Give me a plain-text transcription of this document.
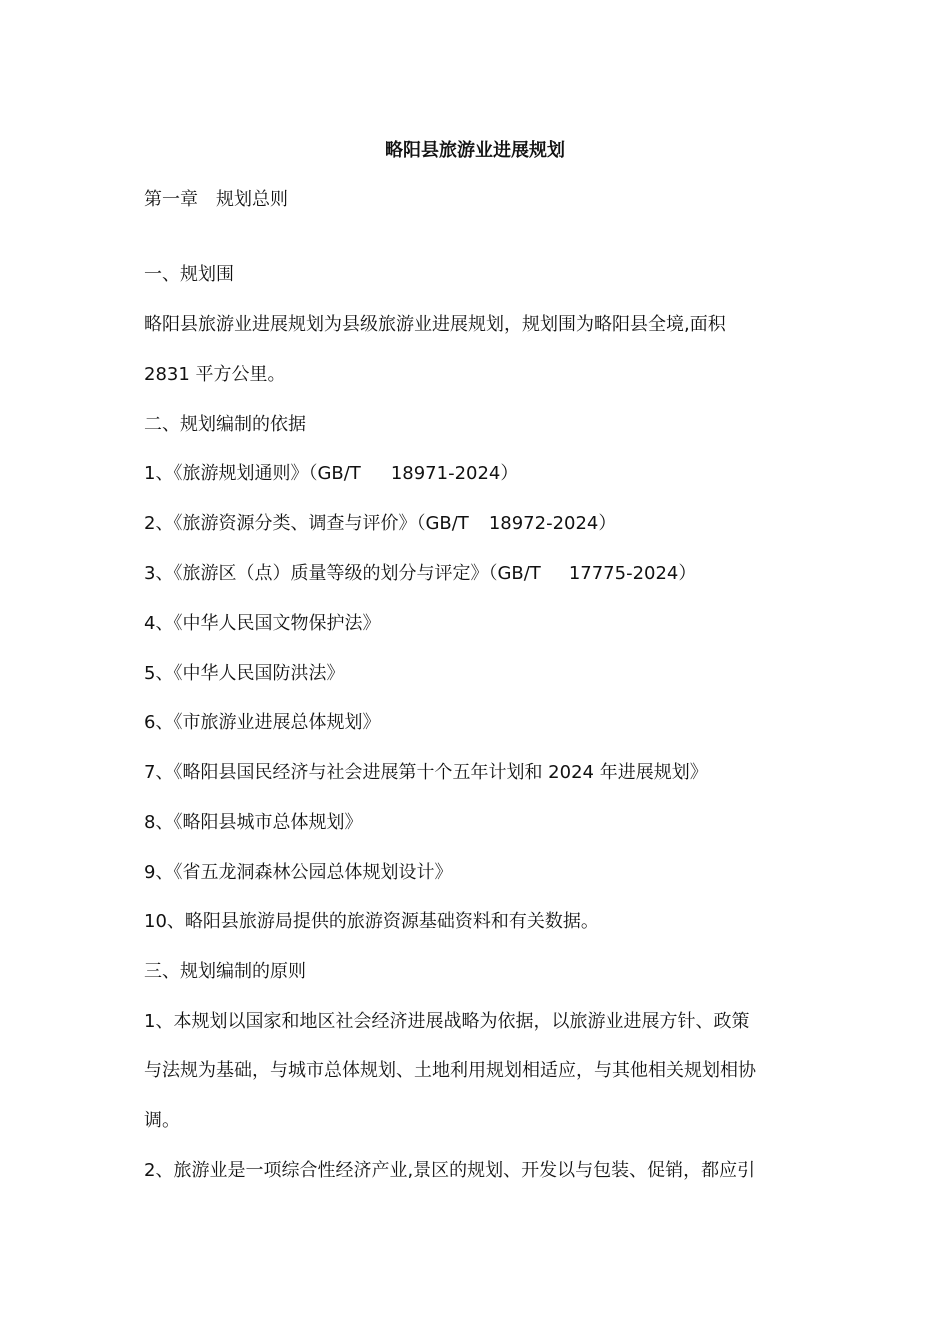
略阳县旅游业进展规划
第一章 规划总则
一、规划围
略阳县旅游业进展规划为县级旅游业进展规划，规划围为略阳县全境,面积
2831 平方公里。
二、规划编制的依据
1、《旅游规划通则》（GB/T 18971-2024）
2、《旅游资源分类、调查与评价》（GB/T 18972-2024）
3、《旅游区（点）质量等级的划分与评定》（GB/T 17775-2024）
4、《中华人民国文物保护法》
5、《中华人民国防洪法》
6、《市旅游业进展总体规划》
7、《略阳县国民经济与社会进展第十个五年计划和 2024 年进展规划》
8、《略阳县城市总体规划》
9、《省五龙洞森林公园总体规划设计》
10、略阳县旅游局提供的旅游资源基础资料和有关数据。
三、规划编制的原则
1、本规划以国家和地区社会经济进展战略为依据，以旅游业进展方针、政策
与法规为基础，与城市总体规划、土地利用规划相适应，与其他相关规划相协
调。
2、旅游业是一项综合性经济产业,景区的规划、开发以与包装、促销，都应引
